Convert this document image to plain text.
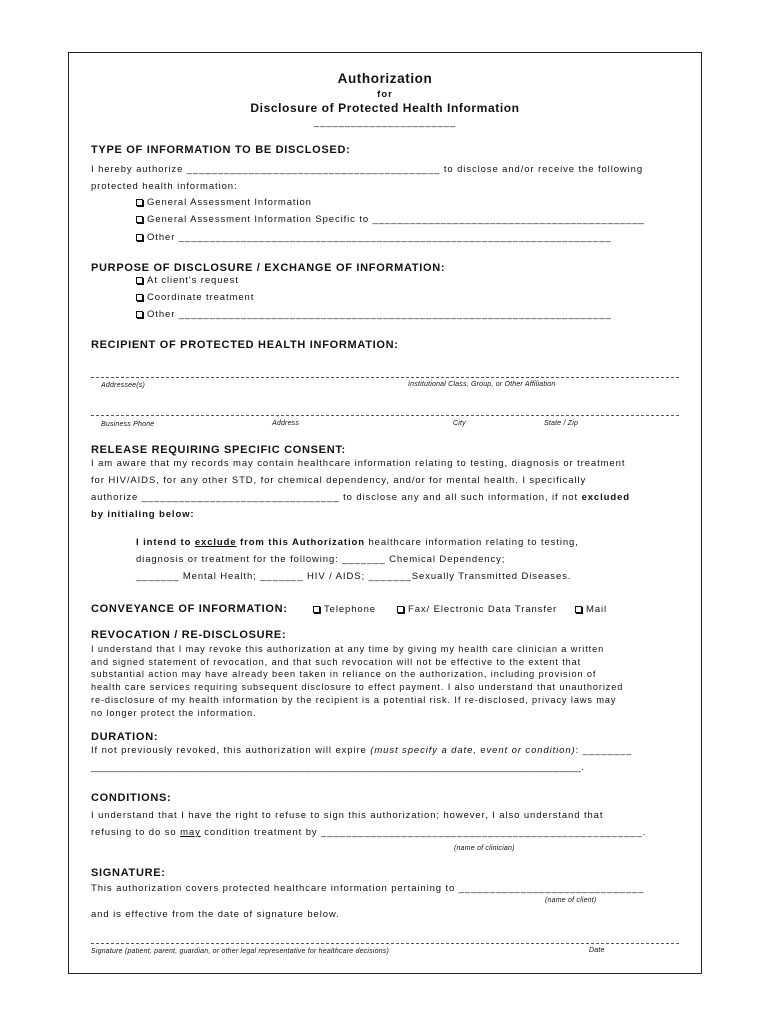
Authorization
for
Disclosure of Protected Health Information
_______________________
TYPE OF INFORMATION TO BE DISCLOSED:
I hereby authorize _________________________________________ to disclose and/or receive the following
protected health information:
General Assessment Information
General Assessment Information Specific to ____________________________________________
Other ______________________________________________________________________
PURPOSE OF DISCLOSURE / EXCHANGE OF INFORMATION:
At client's request
Coordinate treatment
Other ______________________________________________________________________
RECIPIENT OF PROTECTED HEALTH INFORMATION:
Addressee(s)	Institutional Class, Group, or Other Affiliation
Business Phone	Address	City	State / Zip
RELEASE REQUIRING SPECIFIC CONSENT:
I am aware that my records may contain healthcare information relating to testing, diagnosis or treatment
for HIV/AIDS, for any other STD, for chemical dependency, and/or for mental health. I specifically
authorize ________________________________ to disclose any and all such information, if not excluded
by initialing below:
I intend to exclude from this Authorization healthcare information relating to testing,
diagnosis or treatment for the following: _______ Chemical Dependency;
_______ Mental Health; _______ HIV / AIDS; _______Sexually Transmitted Diseases.
CONVEYANCE OF INFORMATION:	Telephone	Fax/ Electronic Data Transfer	Mail
REVOCATION / RE-DISCLOSURE:
I understand that I may revoke this authorization at any time by giving my health care clinician a written
and signed statement of revocation, and that such revocation will not be effective to the extent that
substantial action may have already been taken in reliance on the authorization, including provision of
health care services requiring subsequent disclosure to effect payment. I also understand that unauthorized
re-disclosure of my health information by the recipient is a potential risk. If re-disclosed, privacy laws may
no longer protect the information.
DURATION:
If not previously revoked, this authorization will expire (must specify a date, event or condition): ________
_______________________________________________________________________________________.
CONDITIONS:
I understand that I have the right to refuse to sign this authorization; however, I also understand that
refusing to do so may condition treatment by ____________________________________________________.
(name of clinician)
SIGNATURE:
This authorization covers protected healthcare information pertaining to ______________________________
(name of client)
and is effective from the date of signature below.
Signature (patient, parent, guardian, or other legal representative for healthcare decisions)	Date
